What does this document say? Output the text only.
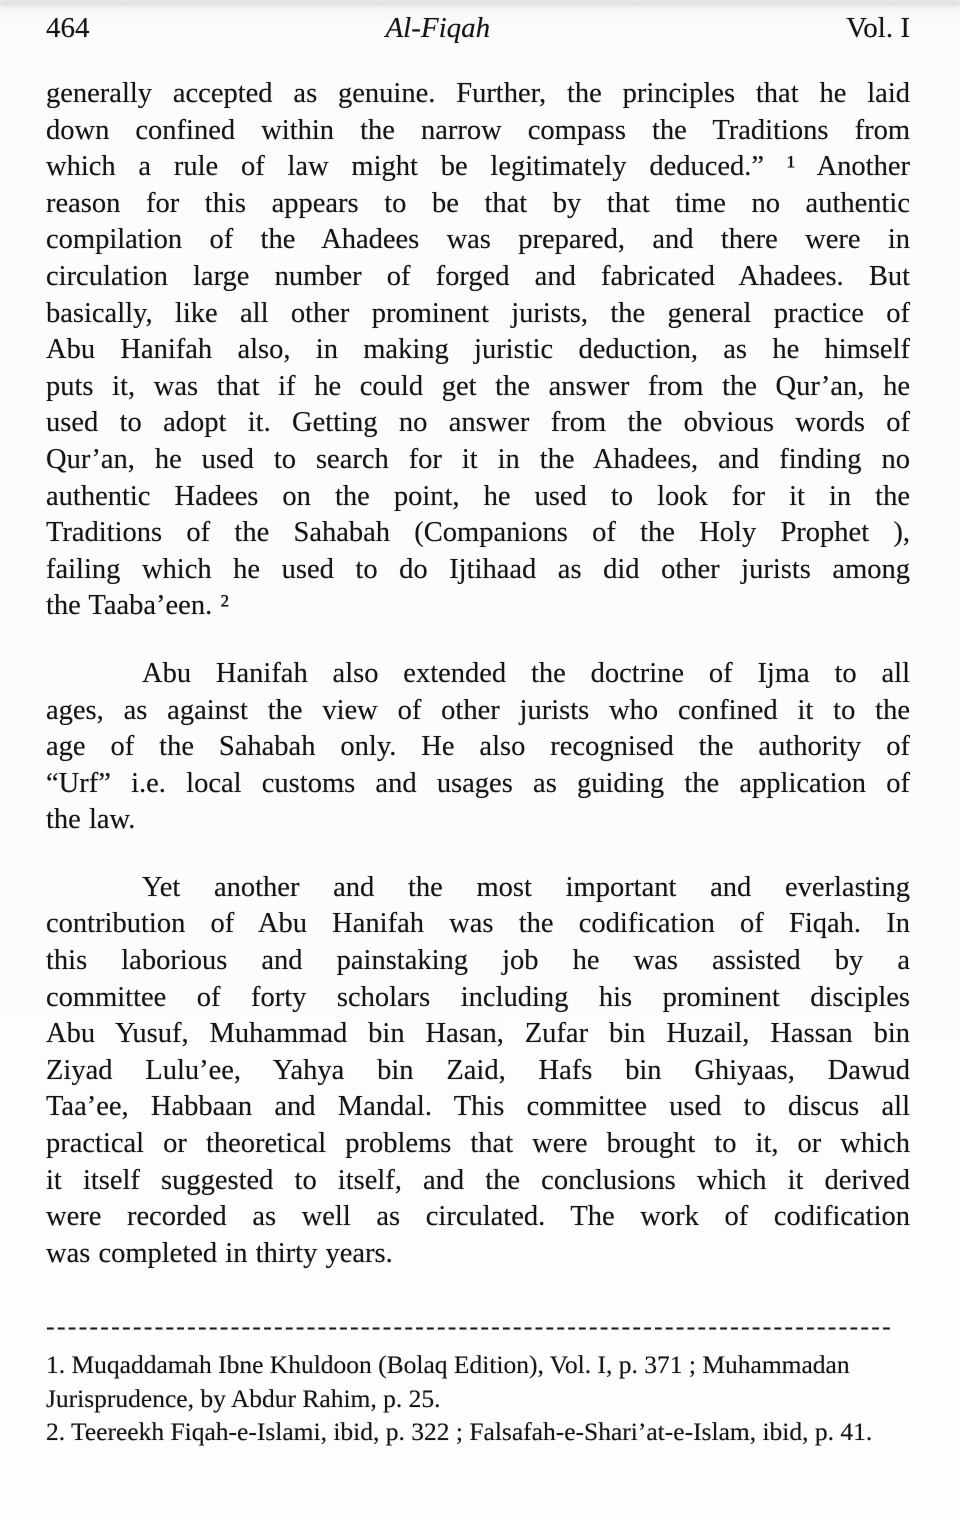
464	Al-Fiqah	Vol. I
generally accepted as genuine. Further, the principles that he laid
down confined within the narrow compass the Traditions from
which a rule of law might be legitimately deduced.” ¹ Another
reason for this appears to be that by that time no authentic
compilation of the Ahadees was prepared, and there were in
circulation large number of forged and fabricated Ahadees. But
basically, like all other prominent jurists, the general practice of
Abu Hanifah also, in making juristic deduction, as he himself
puts it, was that if he could get the answer from the Qur’an, he
used to adopt it. Getting no answer from the obvious words of
Qur’an, he used to search for it in the Ahadees, and finding no
authentic Hadees on the point, he used to look for it in the
Traditions of the Sahabah (Companions of the Holy Prophet ),
failing which he used to do Ijtihaad as did other jurists among
the Taaba’een. ²
Abu Hanifah also extended the doctrine of Ijma to all
ages, as against the view of other jurists who confined it to the
age of the Sahabah only. He also recognised the authority of
“Urf” i.e. local customs and usages as guiding the application of
the law.
Yet another and the most important and everlasting
contribution of Abu Hanifah was the codification of Fiqah. In
this laborious and painstaking job he was assisted by a
committee of forty scholars including his prominent disciples
Abu Yusuf, Muhammad bin Hasan, Zufar bin Huzail, Hassan bin
Ziyad Lulu’ee, Yahya bin Zaid, Hafs bin Ghiyaas, Dawud
Taa’ee, Habbaan and Mandal. This committee used to discus all
practical or theoretical problems that were brought to it, or which
it itself suggested to itself, and the conclusions which it derived
were recorded as well as circulated. The work of codification
was completed in thirty years.
------------------------------------------------------------------------------
1. Muqaddamah Ibne Khuldoon (Bolaq Edition), Vol. I, p. 371 ; Muhammadan
Jurisprudence, by Abdur Rahim, p. 25.
2. Teereekh Fiqah-e-Islami, ibid, p. 322 ; Falsafah-e-Shari’at-e-Islam, ibid, p. 41.
